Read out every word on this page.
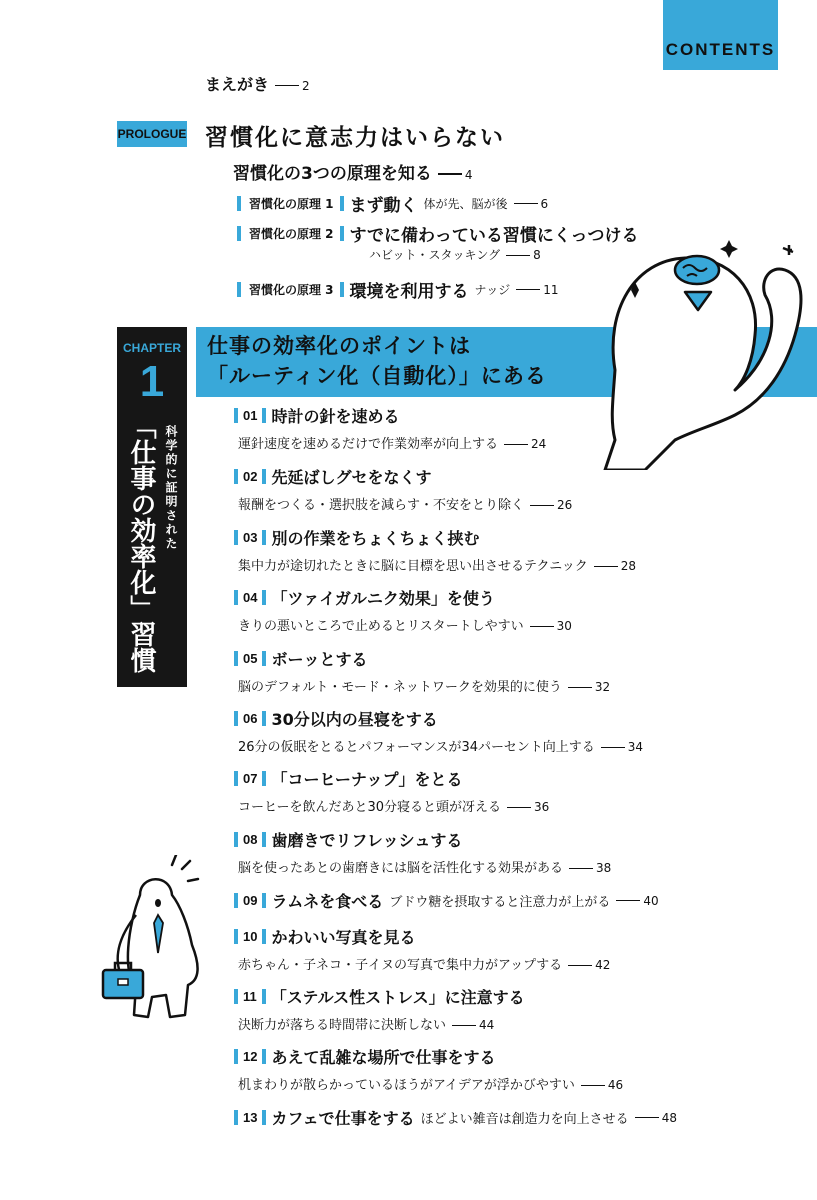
CONTENTS
まえがき	2
PROLOGUE 習慣化に意志力はいらない
習慣化の3つの原理を知る	4
習慣化の原理 1 まず動く 体が先、脳が後	6
習慣化の原理 2 すでに備わっている習慣にくっつける
ハビット・スタッキング	8
習慣化の原理 3 環境を利用する ナッジ	11
仕事の効率化のポイントは
「ルーティン化（自動化）」にある
CHAPTER
1
「仕事の効率化」習慣 科学的に証明された
01 時計の針を速める
運針速度を速めるだけで作業効率が向上する	24
02 先延ばしグセをなくす
報酬をつくる・選択肢を減らす・不安をとり除く	26
03 別の作業をちょくちょく挟む
集中力が途切れたときに脳に目標を思い出させるテクニック	28
04 「ツァイガルニク効果」を使う
きりの悪いところで止めるとリスタートしやすい	30
05 ボーッとする
脳のデフォルト・モード・ネットワークを効果的に使う	32
06 30分以内の昼寝をする
26分の仮眠をとるとパフォーマンスが34パーセント向上する	34
07 「コーヒーナップ」をとる
コーヒーを飲んだあと30分寝ると頭が冴える	36
08 歯磨きでリフレッシュする
脳を使ったあとの歯磨きには脳を活性化する効果がある	38
09 ラムネを食べる ブドウ糖を摂取すると注意力が上がる	40
10 かわいい写真を見る
赤ちゃん・子ネコ・子イヌの写真で集中力がアップする	42
11 「ステルス性ストレス」に注意する
決断力が落ちる時間帯に決断しない	44
12 あえて乱雑な場所で仕事をする
机まわりが散らかっているほうがアイデアが浮かびやすい	46
13 カフェで仕事をする ほどよい雑音は創造力を向上させる	48
